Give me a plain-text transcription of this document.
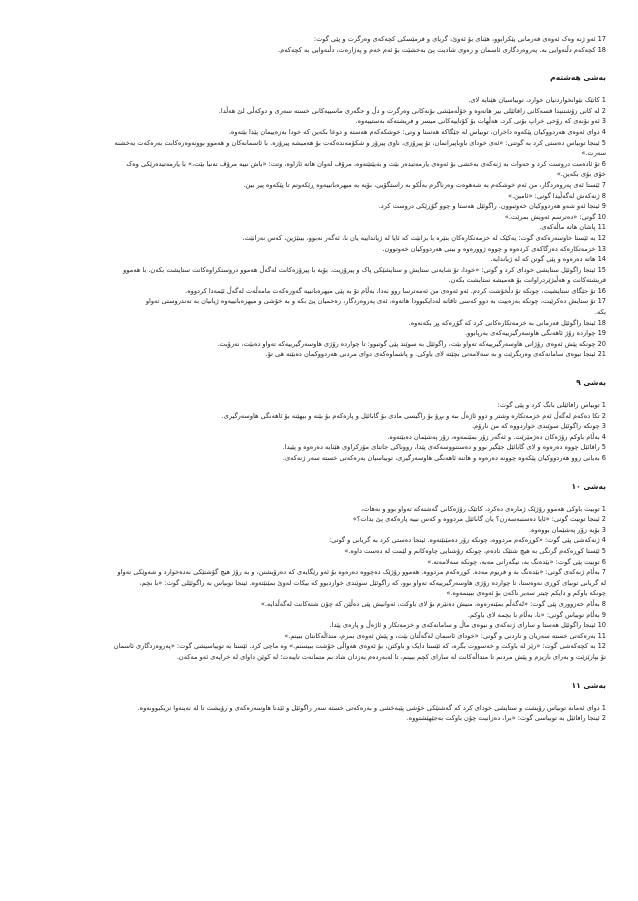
17 ئەو ژنە وەک ئەوەی فەرمانی پێکرابوو، هێنای بۆ ئەوێ، گریای و فرمێسکی کچەکەی وەرگرت و پێی گوت:

18 کچەکەم دڵنەوایی بە. پەروەردگاری ئاسمان و زەوی شادیت پێ بەخشێت بۆ ئەم خەم و پەژارەت، دڵنەوایی بە کچەکەم.

بەشی هەشتەم

1 کاتێک نێوانخواردنیان خوارد، توبیاسیان هێنایە لای.

2 لە کاتی رۆشتنیدا قسەکانی رافائێلی بیر هاتەوە و خۆڵەمێشی بۆنەکانی وەرگرت و دڵ و جگەری ماسییەکانی خستە سەری و دوکەڵی لێ هەڵدا.

3 ئەو بۆنەی کە رۆحی خراپ بۆنی کرد، هەڵهات بۆ کۆتاییەکانی میسر و فریشتەکە بەستییەوە.

4 دوای ئەوەی هەردووکیان پێکەوە داخران، توبیاس لە جێگاکە هەستا و وتی: خوشکەکەم هەستە و دوعا بکەین کە خودا بەزەییمان پێدا بێتەوە.

5 ئینجا توبیاس دەستی کرد بە گوتنی: «ئەی خودای باوباپیرانمان، تۆ پیرۆزی، ناوی پیرۆز و شکۆمەندەکەت بۆ هەمیشە پیرۆزە. با ئاسمانەکان و هەموو بوونەوەرەکانت بەرەکەت بەخشنە

سەرت.»

6 تۆ ئادەمت دروست کرد و حەوات بە ژنەکەی بەخشی بۆ ئەوەی یارمەتیدەر بێت و بەیێتێتەوە، مرۆڤ لەوان هاتە ئاراوە، وتت: «باش نییە مرۆڤ تەنیا بێت،» با یارمەتیدەرێکی وەک

خۆی بۆی بکەین.»

7 ئێستا ئەی پەروەردگار، من ئەم خوشکەم بە شەهوەت وەرناگرم بەڵکو بە راستگۆیی، بۆیە بە میهرەبانییەوە ڕێکەوتم تا پێکەوە پیر بین.

8 ژنەکەش لەگەڵیدا گوتی: «ئامین.»

9 ئینجا ئەو شەو هەردووکیان خەوتبوون. راگوئێل هەستا و چوو گۆڕێکی دروست کرد.

10 گوتی: «دەترسم ئەویش بمرێت.»

11 پاشان هاتە ماڵەکەی.

12 بە ئێستا خاوسەرەکەی گوت: یەکێک لە خزمەتکارەکان بنێرە با بزانێت کە ئایا لە ژیانداییە یان نا، ئەگەر نەبوو، بینێژین، کەس نەزانێت.

13 خزمەتکارەکە دەرگاکەی کردەوە و چووە ژوورەوە و بینی هەردووکیان خەوتوون.

14 هاتە دەرەوە و پێی گوتن کە لە ژیاندایە.

15 ئینجا راگوئێل ستایشی خودای کرد و گوتی: «خودا، تۆ شایەنی ستایش و ستایشێکی پاک و پیرۆزیت. بۆیە با پیرۆزەکانت لەگەڵ هەموو دروستکراوەکانت ستایشت بکەن. با هەموو

فریشتەکانت و هەڵبژێردراوانت بۆ هەمیشە ستایشت بکەن.

16 تۆ جێگای ستایشیت، چونکە تۆ دڵخۆشت کردم. ئەو ئەوەی من ئەمەترسا روو نەدا، بەڵام تۆ بە پێی میهرەبانییە گەورەکەت مامەڵەت لەگەڵ ئێمەدا کردووە.

17 تۆ ستایش دەکرێیت، چونکە بەزەییت بە دوو کەسی تاقانە لەدایکبوودا هاتەوە، ئەی پەروەردگار، رەحمیان پێ بکە و بە خۆشی و میهرەبانییەوە ژیانیان بە تەندروستی تەواو

بکە.

18 ئینجا راگوئێل فەرمانی بە خزمەتکارەکانی کرد کە گۆڕەکە پڕ بکەنەوە.

19 چواردە رۆژ ئاهەنگی هاوسەرگیرییەکەی بەرپابوو.

20 چونکە پێش ئەوەی رۆژانی هاوسەرگیرییەکە تەواو بێت، راگوئێل بە سوێند پێی گوتبوو: تا چواردە رۆژی هاوسەرگیرییەکە تەواو دەبێت، نەرۆیت.

21 ئینجا نیوەی سامانەکەی وەربگرێت و بە سەلامەتی بچێتە لای باوکی. و پاشماوەکەی دوای مردنی هەردووکمان دەبێتە هی تۆ.

بەشی ٩

1 توبیاس رافائێلی بانگ کرد و پێی گوت:

2 تکا دەکەم لەگەڵ ئەم خزمەتکارە وشتر و دوو ئاژەڵ ببە و بڕۆ بۆ راگیسی مادی بۆ گابائێل و پارەکەم بۆ بێنە و بیهێنە بۆ ئاهەنگی هاوسەرگیری.

3 چونکە راگوئێل سوێندی خواردووە کە من نارۆم.

4 بەڵام باوکم رۆژەکان دەژمێرێت. و ئەگەر زۆر بمێنمەوە، زۆر پەشێمان دەبێتەوە.

5 رافائێل چووە دەرەوە و لای گابائێل جێگیر بوو و دەستنووسەکەی پێدا، رووناکی جانتای مۆرکراوی هێنایە دەرەوە و پێیدا.

6 بەیانی زوو هەردووکیان پێکەوە چوونە دەرەوە و هاتنە ئاهەنگی هاوسەرگیری، توبیاسیان بەرەکەتی خستە سەر ژنەکەی.

بەشی ١٠

1 توبیت باوکی هەموو رۆژێک ژمارەی دەکرد، کاتێک رۆژەکانی گەشتەکە تەواو بوو و نەهات،

2 ئینجا توبیت گوتی: «ئایا دەستبەسەرن؟ یان گابائێل مردووە و کەس نییە پارەکەی پێ بدات؟»

3 بۆیە زۆر پەشێمان بووەوە.

4 ژنەکەشی پێی گوت: «کوڕەکەم مردووە، چونکە زۆر دەمێنێتەوە. ئینجا دەستی کرد بە گریانی و گوتی:

5 ئێستا کوڕەکەم گرنگی بە هیچ شتێک نادەم، چونکە رۆشنایی چاوەکانم و لێمت لە دەست داوە.»

6 توبیت پێی گوت: «بێدەنگ بە، نیگەرانی مەبە، چونکە سەلامەتە.»

7 بەڵام ژنەکەی گوتی: «بێدەنگ بە و فریوم مەدە. کوڕەکەم مردووە. هەموو رۆژێک دەچووە دەرەوە بۆ ئەو رێگایەی کە دەرۆیشتن، و بە رۆژ هیچ گۆشتێکی نەدەخوارد و شەوێکی تەواو

لە گریانی توبیای کوڕی نەوەستا، تا چواردە رۆژی هاوسەرگیرییەکە تەواو بوو، کە راگوئێل سوێندی خواردبوو کە بیکات لەوێ بمێنێتەوە. ئینجا توبیاس بە راگوئێلی گوت: «با بچم،

چونکە باوکم و دایکم چیتر سەیر ناکەن بۆ ئەوەی ببینمەوە.»

8 بەڵام خەزووری پێی گوت: «لەگەڵم بمێنەرەوە، منیش دەنێرم بۆ لای باوکت، ئەوانیش پێی دەڵێن کە چۆن شتەکانت لەگەڵدایە.»

9 بەڵام توبیاس گوتی: «نا، بەڵام با بچمە لای باوکم.

10 ئینجا راگوئێل هەستا و سارای ژنەکەی و نیوەی ماڵ و سامانەکەی و خزمەتکار و ئاژەڵ و پارەی پێدا.

11 بەرەکەتی خستە سەریان و ناردنی و گوتی: «خودای ئاسمان لەگەڵتان بێت، و پێش ئەوەی بمرم، منداڵەکانتان ببینم.»

12 بە کچەکەشی گوت: «رێز لە باوکت و خەسووت بگرە، کە ئێستا دایک و باوکتن، بۆ ئەوەی هەواڵی خۆشت ببیستم.» وە ماچی کرد. ئێستا بە توبیاسیشی گوت: «پەروەردگاری ئاسمان

تۆ بپارێزێت و بەرای نازیزم و پێش مردنم تا منداڵەکانت لە سارای کچم ببینم، تا لەبەردەم یەزدان شاد بم متمانەت تایبەت؛ لە کوێن داوای لە خراپەی ئەو مەکەن.

بەشی ١١

1 دوای ئەمانە توبیاس رۆیشت و ستایشی خودای کرد کە گەشتێکی خۆشی پێبەخشی و بەرەکەتی خستە سەر راگوئێل و ئێدنا هاوسەرەکەی و رۆیشت تا لە نەینەوا نزیکبوونەوە.

2 ئینجا رافائێل بە توبیاسی گوت: «برا، دەزانیت چۆن باوکت بەجێهێشتووە.
